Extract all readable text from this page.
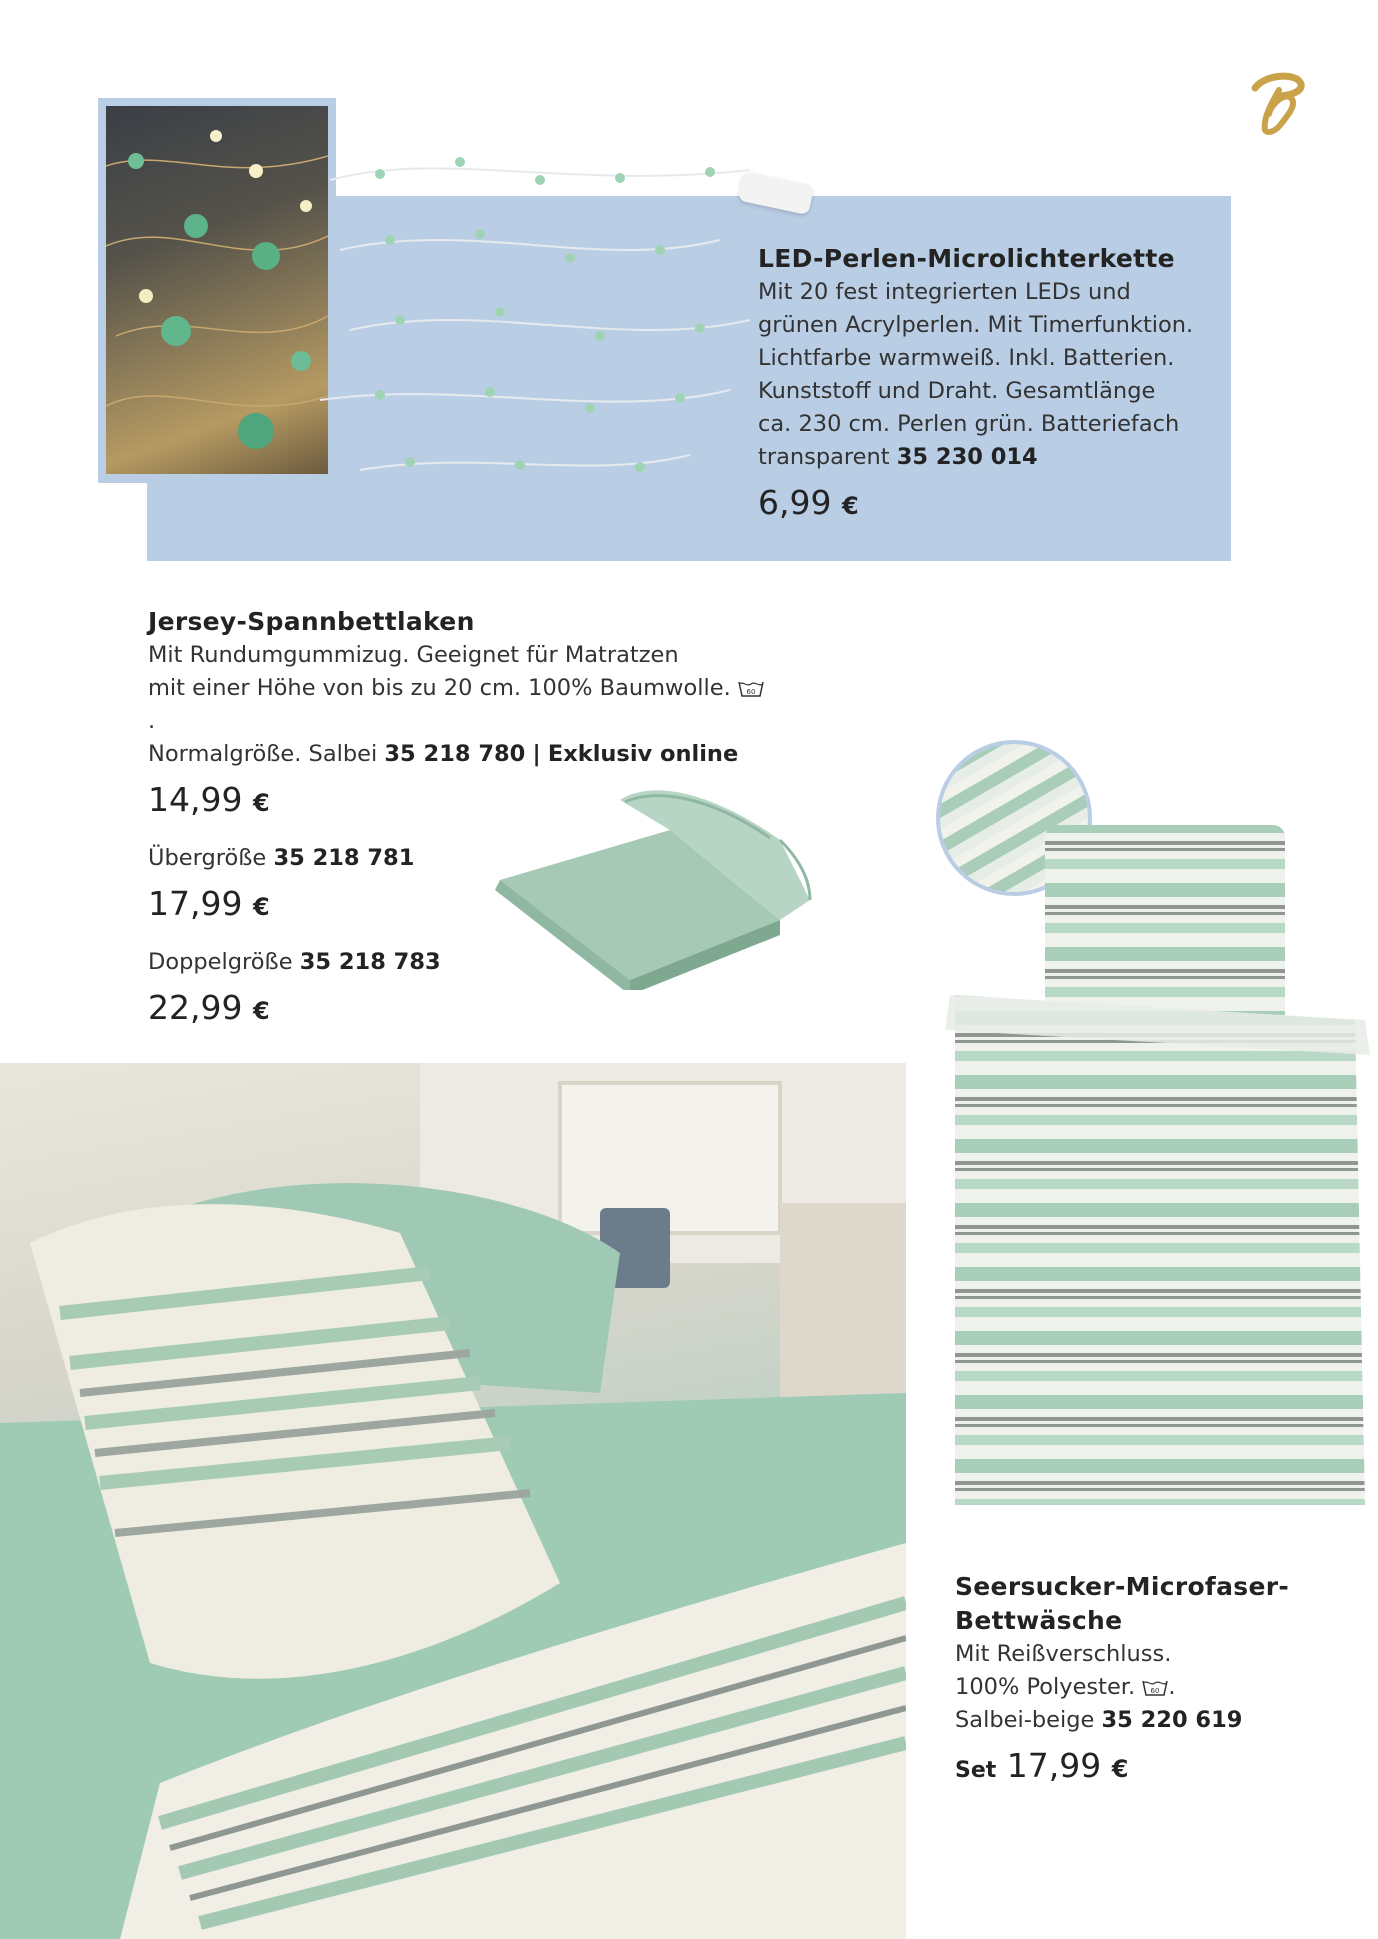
LED-Perlen-Microlichterkette

Mit 20 fest integrierten LEDs und

grünen Acrylperlen. Mit Timerfunktion.

Lichtfarbe warmweiß. Inkl. Batterien.

Kunststoff und Draht. Gesamtlänge

ca. 230 cm. Perlen grün. Batteriefach

transparent 35 230 014

6,99 €

Jersey-Spannbettlaken

Mit Rundumgummizug. Geeignet für Matratzen

mit einer Höhe von bis zu 20 cm. 100% Baumwolle. 60
.

Normalgröße. Salbei 35 218 780 | Exklusiv online

14,99 €

Übergröße 35 218 781

17,99 €

Doppelgröße 35 218 783

22,99 €

Seersucker-Microfaser-

Bettwäsche

Mit Reißverschluss.

100% Polyester. 60 .

Salbei-beige 35 220 619

Set 17,99 €
